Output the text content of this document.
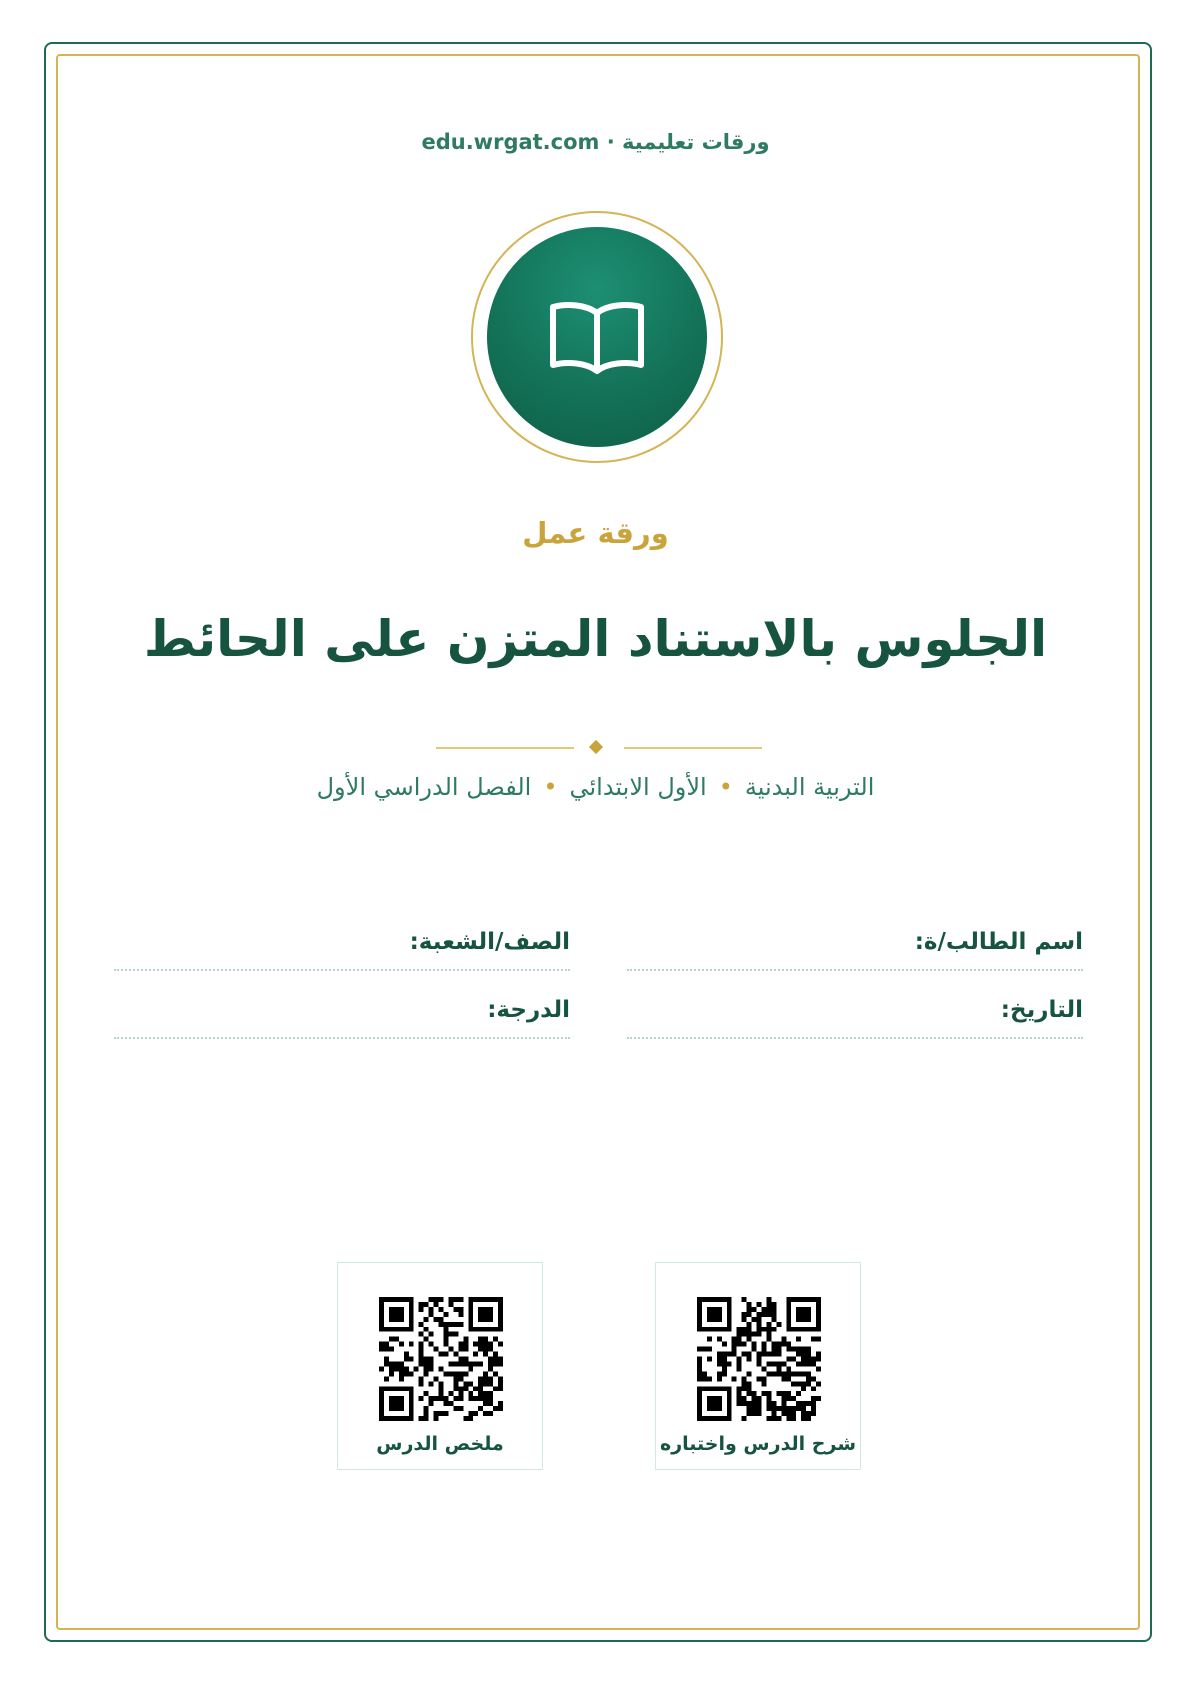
edu.wrgat.com · ورقات تعليمية
ورقة عمل
الجلوس بالاستناد المتزن على الحائط
التربية البدنية•الأول الابتدائي•الفصل الدراسي الأول
اسم الطالب/ة:
الصف/الشعبة:
التاريخ:
الدرجة:
شرح الدرس واختباره
ملخص الدرس
